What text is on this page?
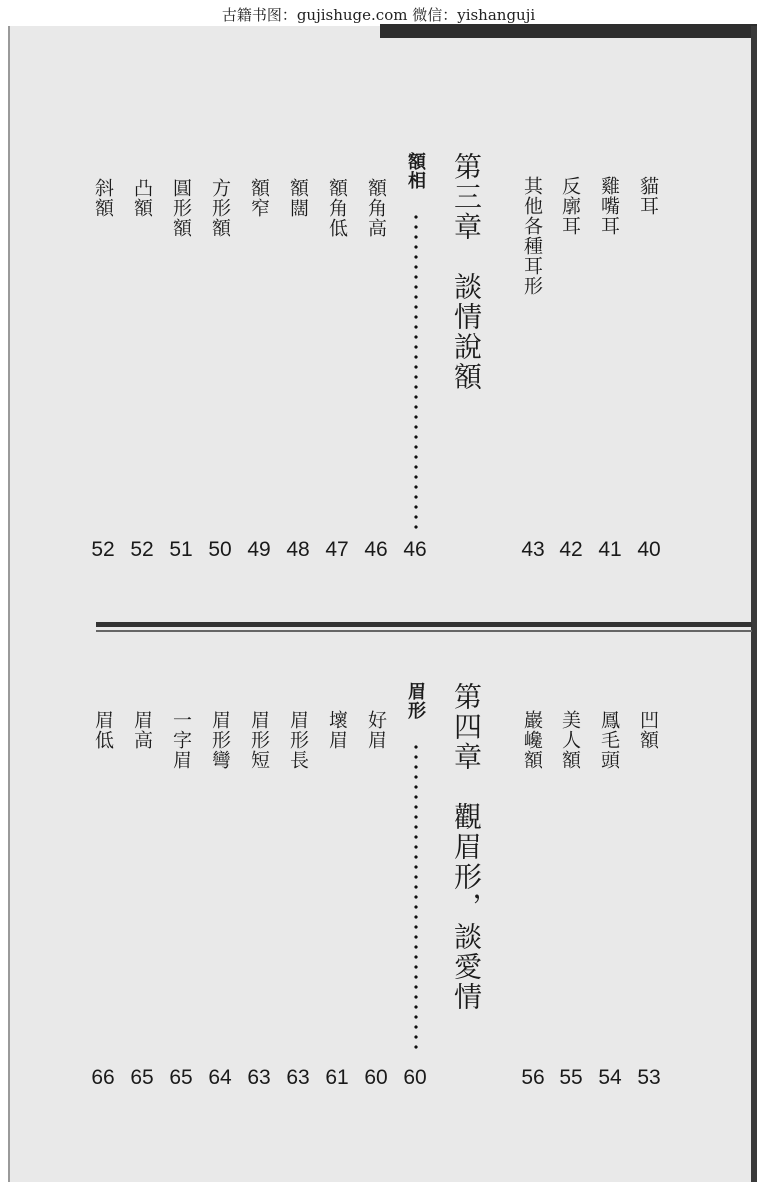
古籍书图：gujishuge.com 微信：yishanguji
貓耳
雞嘴耳
反廓耳
其他各種耳形
第三章談情說額
額相
額角高
額角低
額闊
額窄
方形額
圓形額
凸額
斜額
40
41
42
43
46
46
47
48
49
50
51
52
52
凹額
鳳毛頭
美人額
巖巉額
第四章觀眉形，談愛情
眉形
好眉
壞眉
眉形長
眉形短
眉形彎
一字眉
眉高
眉低
53
54
55
56
60
60
61
63
63
64
65
65
66
